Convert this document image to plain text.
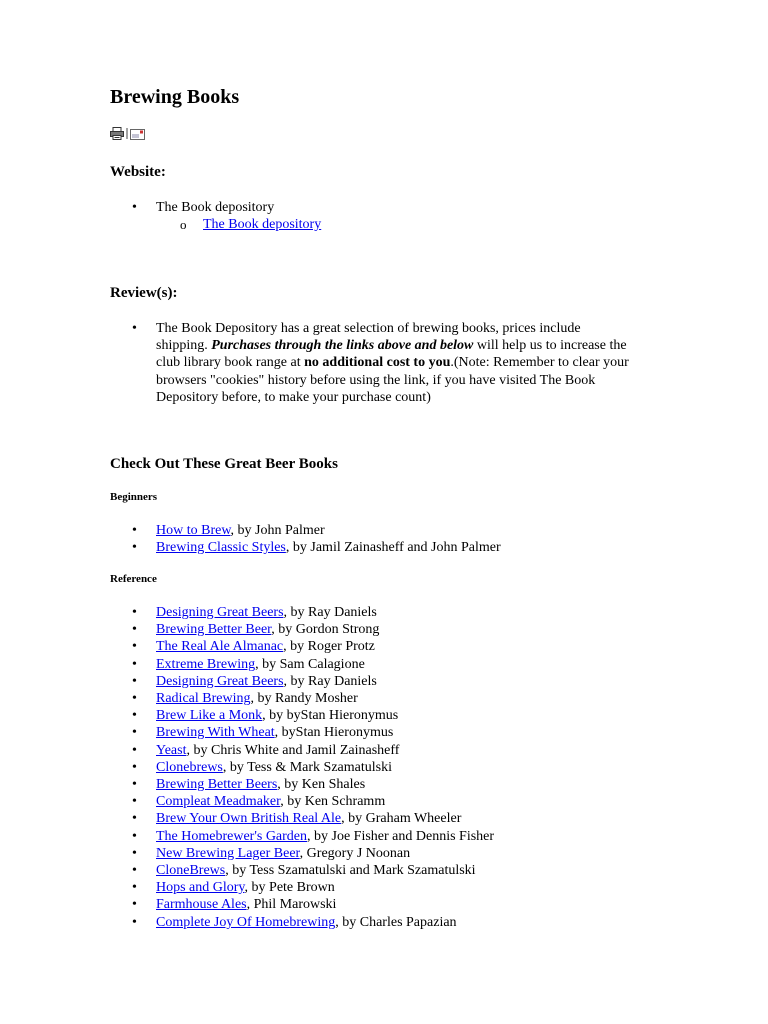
Brewing Books
Website:
• The Book depository
o The Book depository
Review(s):
• The Book Depository has a great selection of brewing books, prices include shipping. Purchases through the links above and below will help us to increase the club library book range at no additional cost to you.(Note: Remember to clear your browsers "cookies" history before using the link, if you have visited The Book Depository before, to make your purchase count)
Check Out These Great Beer Books
Beginners
• How to Brew, by John Palmer
• Brewing Classic Styles, by Jamil Zainasheff and John Palmer
Reference
• Designing Great Beers, by Ray Daniels
• Brewing Better Beer, by Gordon Strong
• The Real Ale Almanac, by Roger Protz
• Extreme Brewing, by Sam Calagione
• Designing Great Beers, by Ray Daniels
• Radical Brewing, by Randy Mosher
• Brew Like a Monk, by byStan Hieronymus
• Brewing With Wheat, byStan Hieronymus
• Yeast, by Chris White and Jamil Zainasheff
• Clonebrews, by Tess & Mark Szamatulski
• Brewing Better Beers, by Ken Shales
• Compleat Meadmaker, by Ken Schramm
• Brew Your Own British Real Ale, by Graham Wheeler
• The Homebrewer's Garden, by Joe Fisher and Dennis Fisher
• New Brewing Lager Beer, Gregory J Noonan
• CloneBrews, by Tess Szamatulski and Mark Szamatulski
• Hops and Glory, by Pete Brown
• Farmhouse Ales, Phil Marowski
• Complete Joy Of Homebrewing, by Charles Papazian
